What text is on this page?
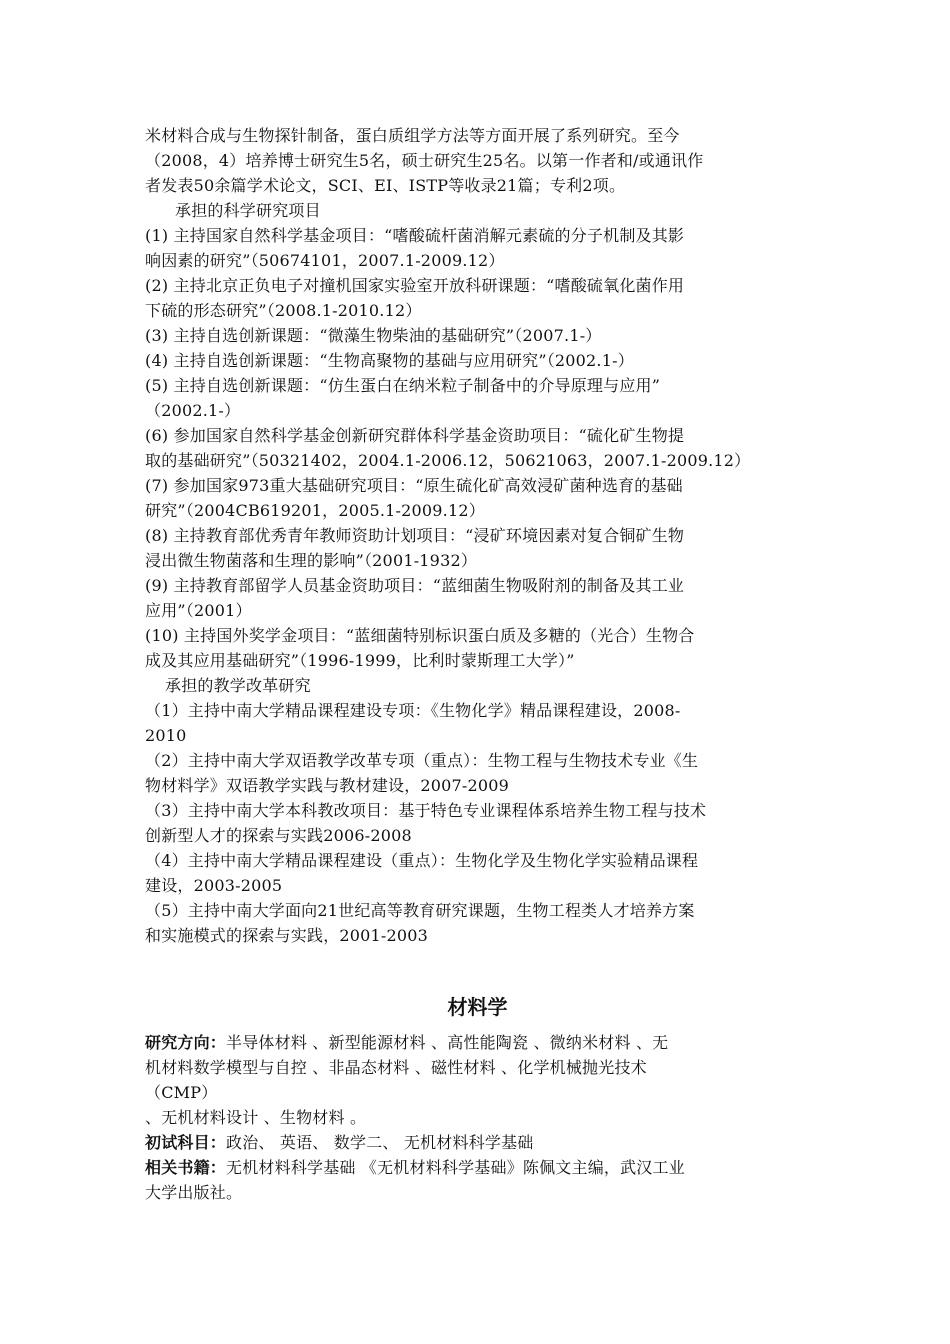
米材料合成与生物探针制备，蛋白质组学方法等方面开展了系列研究。至今
（2008，4）培养博士研究生5名，硕士研究生25名。以第一作者和/或通讯作
者发表50余篇学术论文，SCI、EI、ISTP等收录21篇；专利2项。
承担的科学研究项目
(1) 主持国家自然科学基金项目：“嗜酸硫杆菌消解元素硫的分子机制及其影
响因素的研究”（50674101，2007.1-2009.12）
(2) 主持北京正负电子对撞机国家实验室开放科研课题：“嗜酸硫氧化菌作用
下硫的形态研究”（2008.1-2010.12）
(3) 主持自选创新课题：“微藻生物柴油的基础研究”（2007.1-）
(4) 主持自选创新课题：“生物高聚物的基础与应用研究”（2002.1-）
(5) 主持自选创新课题：“仿生蛋白在纳米粒子制备中的介导原理与应用”
（2002.1-）
(6) 参加国家自然科学基金创新研究群体科学基金资助项目：“硫化矿生物提
取的基础研究”（50321402，2004.1-2006.12，50621063，2007.1-2009.12）
(7) 参加国家973重大基础研究项目：“原生硫化矿高效浸矿菌种选育的基础
研究”（2004CB619201，2005.1-2009.12）
(8) 主持教育部优秀青年教师资助计划项目：“浸矿环境因素对复合铜矿生物
浸出微生物菌落和生理的影响”（2001-1932）
(9) 主持教育部留学人员基金资助项目：“蓝细菌生物吸附剂的制备及其工业
应用”（2001）
(10) 主持国外奖学金项目：“蓝细菌特别标识蛋白质及多糖的（光合）生物合
成及其应用基础研究”（1996-1999，比利时蒙斯理工大学）”
承担的教学改革研究
（1）主持中南大学精品课程建设专项：《生物化学》精品课程建设，2008-
2010
（2）主持中南大学双语教学改革专项（重点）：生物工程与生物技术专业《生
物材料学》双语教学实践与教材建设，2007-2009
（3）主持中南大学本科教改项目：基于特色专业课程体系培养生物工程与技术
创新型人才的探索与实践2006-2008
（4）主持中南大学精品课程建设（重点）：生物化学及生物化学实验精品课程
建设，2003-2005
（5）主持中南大学面向21世纪高等教育研究课题，生物工程类人才培养方案
和实施模式的探索与实践，2001-2003
材料学
研究方向：半导体材料 、新型能源材料 、高性能陶瓷 、微纳米材料 、无
机材料数学模型与自控 、非晶态材料 、磁性材料 、化学机械抛光技术
（CMP）
、无机材料设计 、生物材料 。
初试科目：政治、 英语、 数学二、 无机材料科学基础
相关书籍：无机材料科学基础 《无机材料科学基础》陈佩文主编，武汉工业
大学出版社。
